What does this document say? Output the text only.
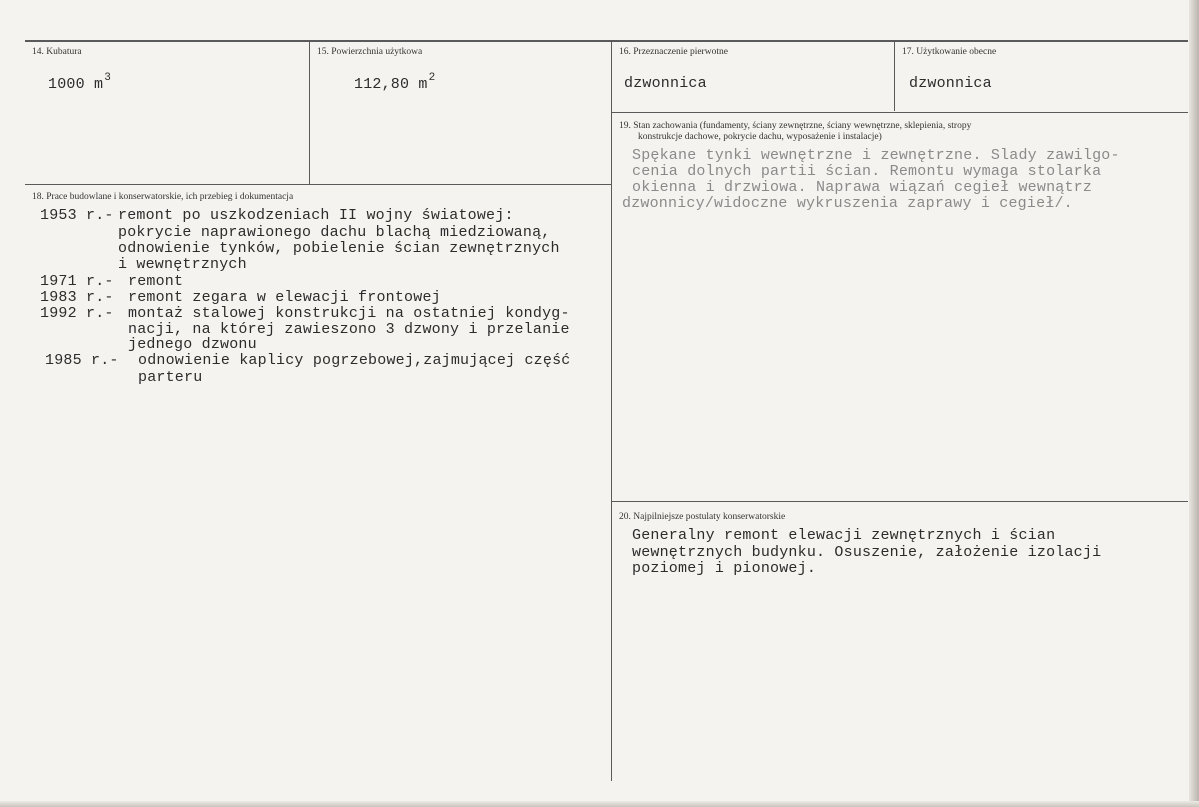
14. Kubatura
1000 $m^3$
15. Powierzchnia użytkowa
112,80 $m^2$
16. Przeznaczenie pierwotne
dzwonnica
17. Użytkowanie obecne
dzwonnica
18. Prace budowlane i konserwatorskie, ich przebieg i dokumentacja
1953 r.- remont po uszkodzeniach II wojny światowej:
pokrycie naprawionego dachu blachą miedziowaną,
odnowienie tynków, pobielenie ścian zewnętrznych
i wewnętrznych
1971 r.- remont
1983 r.- remont zegara w elewacji frontowej
1992 r.- montaż stalowej konstrukcji na ostatniej kondyg-
nacji, na której zawieszono 3 dzwony i przelanie
jednego dzwonu
1985 r.- odnowienie kaplicy pogrzebowej,zajmującej część
parteru
19. Stan zachowania (fundamenty, ściany zewnętrzne, ściany wewnętrzne, sklepienia, stropy
konstrukcje dachowe, pokrycie dachu, wyposażenie i instalacje)
Spękane tynki wewnętrzne i zewnętrzne. Slady zawilgo-
cenia dolnych partii ścian. Remontu wymaga stolarka
okienna i drzwiowa. Naprawa wiązań cegieł wewnątrz
dzwonnicy/widoczne wykruszenia zaprawy i cegieł/.
20. Najpilniejsze postulaty konserwatorskie
Generalny remont elewacji zewnętrznych i ścian
wewnętrznych budynku. Osuszenie, założenie izolacji
poziomej i pionowej.
